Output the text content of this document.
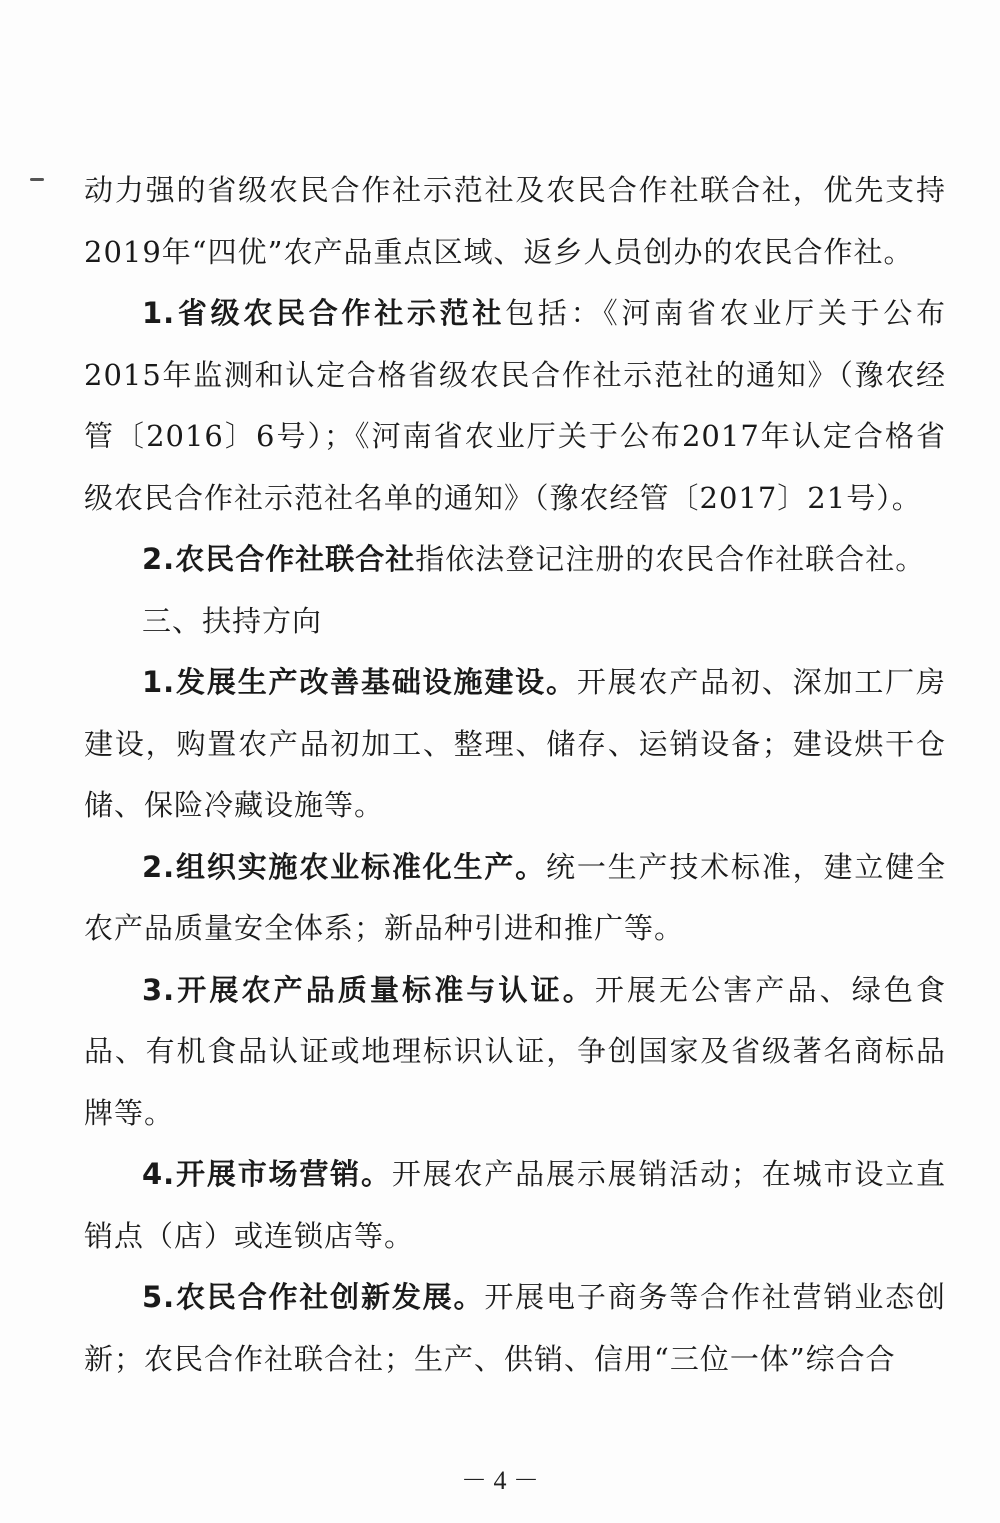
动力强的省级农民合作社示范社及农民合作社联合社，优先支持2019年“四优”农产品重点区域、返乡人员创办的农民合作社。

1.省级农民合作社示范社包括：《河南省农业厅关于公布2015年监测和认定合格省级农民合作社示范社的通知》（豫农经管〔2016〕6号）；《河南省农业厅关于公布2017年认定合格省级农民合作社示范社名单的通知》（豫农经管〔2017〕21号）。

2.农民合作社联合社指依法登记注册的农民合作社联合社。

三、扶持方向

1.发展生产改善基础设施建设。开展农产品初、深加工厂房建设，购置农产品初加工、整理、储存、运销设备；建设烘干仓储、保险冷藏设施等。

2.组织实施农业标准化生产。统一生产技术标准，建立健全农产品质量安全体系；新品种引进和推广等。

3.开展农产品质量标准与认证。开展无公害产品、绿色食品、有机食品认证或地理标识认证，争创国家及省级著名商标品牌等。

4.开展市场营销。开展农产品展示展销活动；在城市设立直销点（店）或连锁店等。

5.农民合作社创新发展。开展电子商务等合作社营销业态创新；农民合作社联合社；生产、供销、信用“三位一体”综合合

－ 4 －
